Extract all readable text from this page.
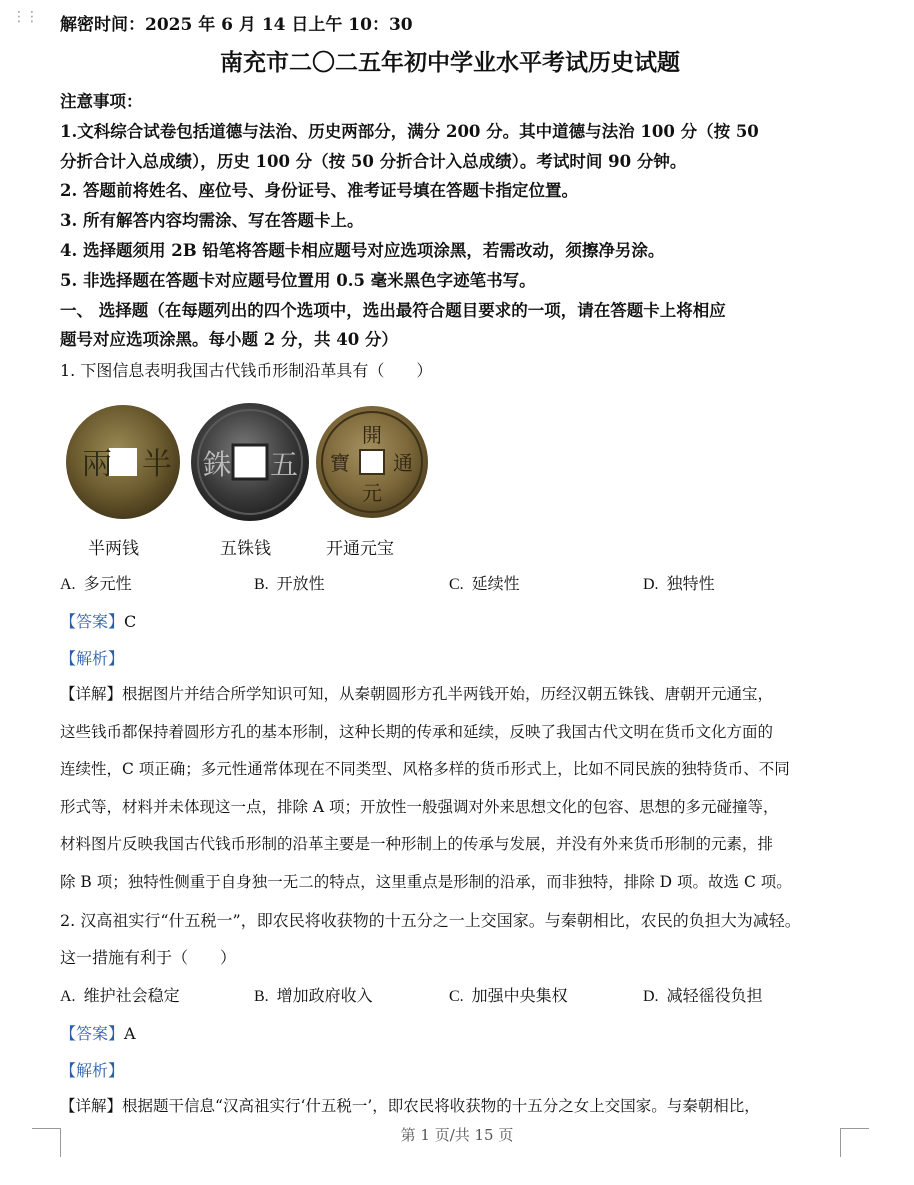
⋮⋮ 解密时间：2025 年 6 月 14 日上午 10：30
南充市二〇二五年初中学业水平考试历史试题

注意事项：

1.文科综合试卷包括道德与法治、历史两部分，满分 200 分。其中道德与法治 100 分（按 50

分折合计入总成绩），历史 100 分（按 50 分折合计入总成绩）。考试时间 90 分钟。

2. 答题前将姓名、座位号、身份证号、准考证号填在答题卡指定位置。

3. 所有解答内容均需涂、写在答题卡上。

4. 选择题须用 2B 铅笔将答题卡相应题号对应选项涂黑，若需改动，须擦净另涂。

5. 非选择题在答题卡对应题号位置用 0.5 毫米黑色字迹笔书写。

一、 选择题（在每题列出的四个选项中，选出最符合题目要求的一项，请在答题卡上将相应

题号对应选项涂黑。每小题 2 分，共 40 分）

1. 下图信息表明我国古代钱币形制沿革具有（　　）
兩 半 銖 五
開
元
寶 通
半两钱	五铢钱	开通元宝
A. 多元性	B. 开放性	C. 延续性	D. 独特性
【答案】C
【解析】

【详解】根据图片并结合所学知识可知，从秦朝圆形方孔半两钱开始，历经汉朝五铢钱、唐朝开元通宝，

这些钱币都保持着圆形方孔的基本形制，这种长期的传承和延续，反映了我国古代文明在货币文化方面的

连续性，C 项正确；多元性通常体现在不同类型、风格多样的货币形式上，比如不同民族的独特货币、不同

形式等，材料并未体现这一点，排除 A 项；开放性一般强调对外来思想文化的包容、思想的多元碰撞等，

材料图片反映我国古代钱币形制的沿革主要是一种形制上的传承与发展，并没有外来货币形制的元素，排

除 B 项；独特性侧重于自身独一无二的特点，这里重点是形制的沿承，而非独特，排除 D 项。故选 C 项。

2. 汉高祖实行“什五税一”，即农民将收获物的十五分之一上交国家。与秦朝相比，农民的负担大为减轻。
这一措施有利于（　　）
A. 维护社会稳定	B. 增加政府收入	C. 加强中央集权	D. 减轻徭役负担
【答案】A
【解析】

【详解】根据题干信息“汉高祖实行‘什五税一’，即农民将收获物的十五分之女上交国家。与秦朝相比，

第 1 页/共 15 页
